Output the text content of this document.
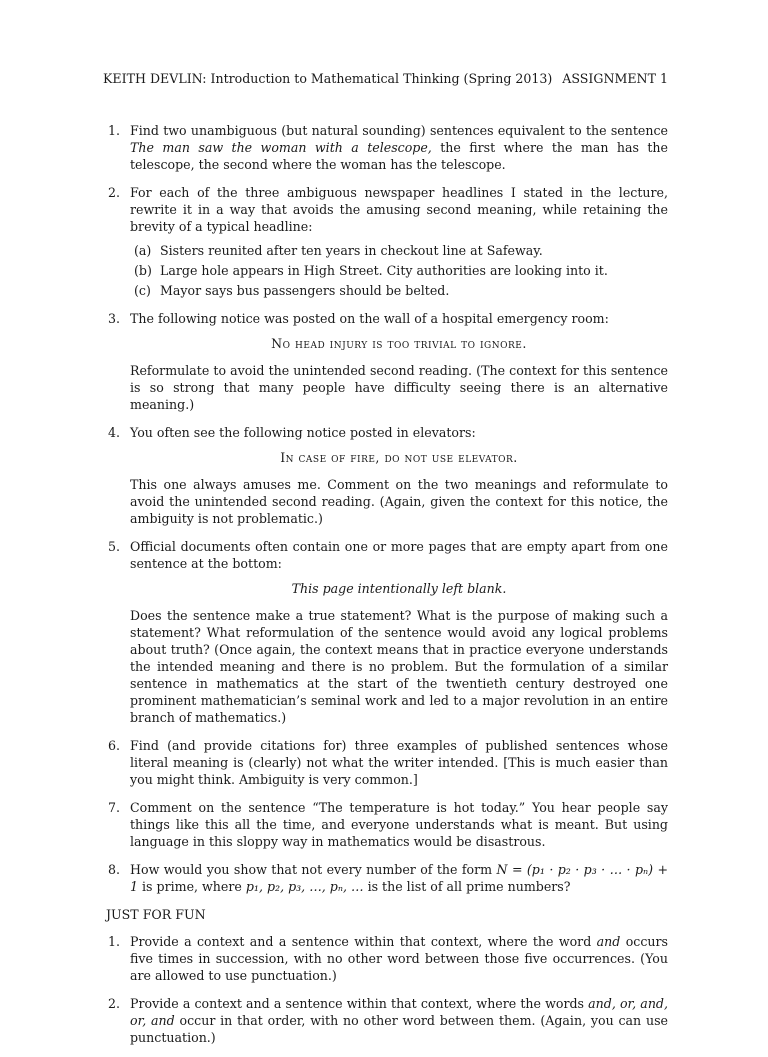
KEITH DEVLIN: Introduction to Mathematical Thinking (Spring 2013) ASSIGNMENT 1
1. Find two unambiguous (but natural sounding) sentences equivalent to the sentence The man saw the woman with a telescope, the first where the man has the telescope, the second where the woman has the telescope.
2. For each of the three ambiguous newspaper headlines I stated in the lecture, rewrite it in a way that avoids the amusing second meaning, while retaining the brevity of a typical headline:
(a) Sisters reunited after ten years in checkout line at Safeway.
(b) Large hole appears in High Street. City authorities are looking into it.
(c) Mayor says bus passengers should be belted.
3. The following notice was posted on the wall of a hospital emergency room:
No head injury is too trivial to ignore.
Reformulate to avoid the unintended second reading. (The context for this sentence is so strong that many people have difficulty seeing there is an alternative meaning.)
4. You often see the following notice posted in elevators:
In case of fire, do not use elevator.
This one always amuses me. Comment on the two meanings and reformulate to avoid the unintended second reading. (Again, given the context for this notice, the ambiguity is not problematic.)
5. Official documents often contain one or more pages that are empty apart from one sentence at the bottom:
This page intentionally left blank.
Does the sentence make a true statement? What is the purpose of making such a statement? What reformulation of the sentence would avoid any logical problems about truth? (Once again, the context means that in practice everyone understands the intended meaning and there is no problem. But the formulation of a similar sentence in mathematics at the start of the twentieth century destroyed one prominent mathematician’s seminal work and led to a major revolution in an entire branch of mathematics.)
6. Find (and provide citations for) three examples of published sentences whose literal meaning is (clearly) not what the writer intended. [This is much easier than you might think. Ambiguity is very common.]
7. Comment on the sentence “The temperature is hot today.” You hear people say things like this all the time, and everyone understands what is meant. But using language in this sloppy way in mathematics would be disastrous.
8. How would you show that not every number of the form N = (p₁ · p₂ · p₃ · … · pₙ) + 1 is prime, where p₁, p₂, p₃, …, pₙ, … is the list of all prime numbers?
JUST FOR FUN
1. Provide a context and a sentence within that context, where the word and occurs five times in succession, with no other word between those five occurrences. (You are allowed to use punctuation.)
2. Provide a context and a sentence within that context, where the words and, or, and, or, and occur in that order, with no other word between them. (Again, you can use punctuation.)
